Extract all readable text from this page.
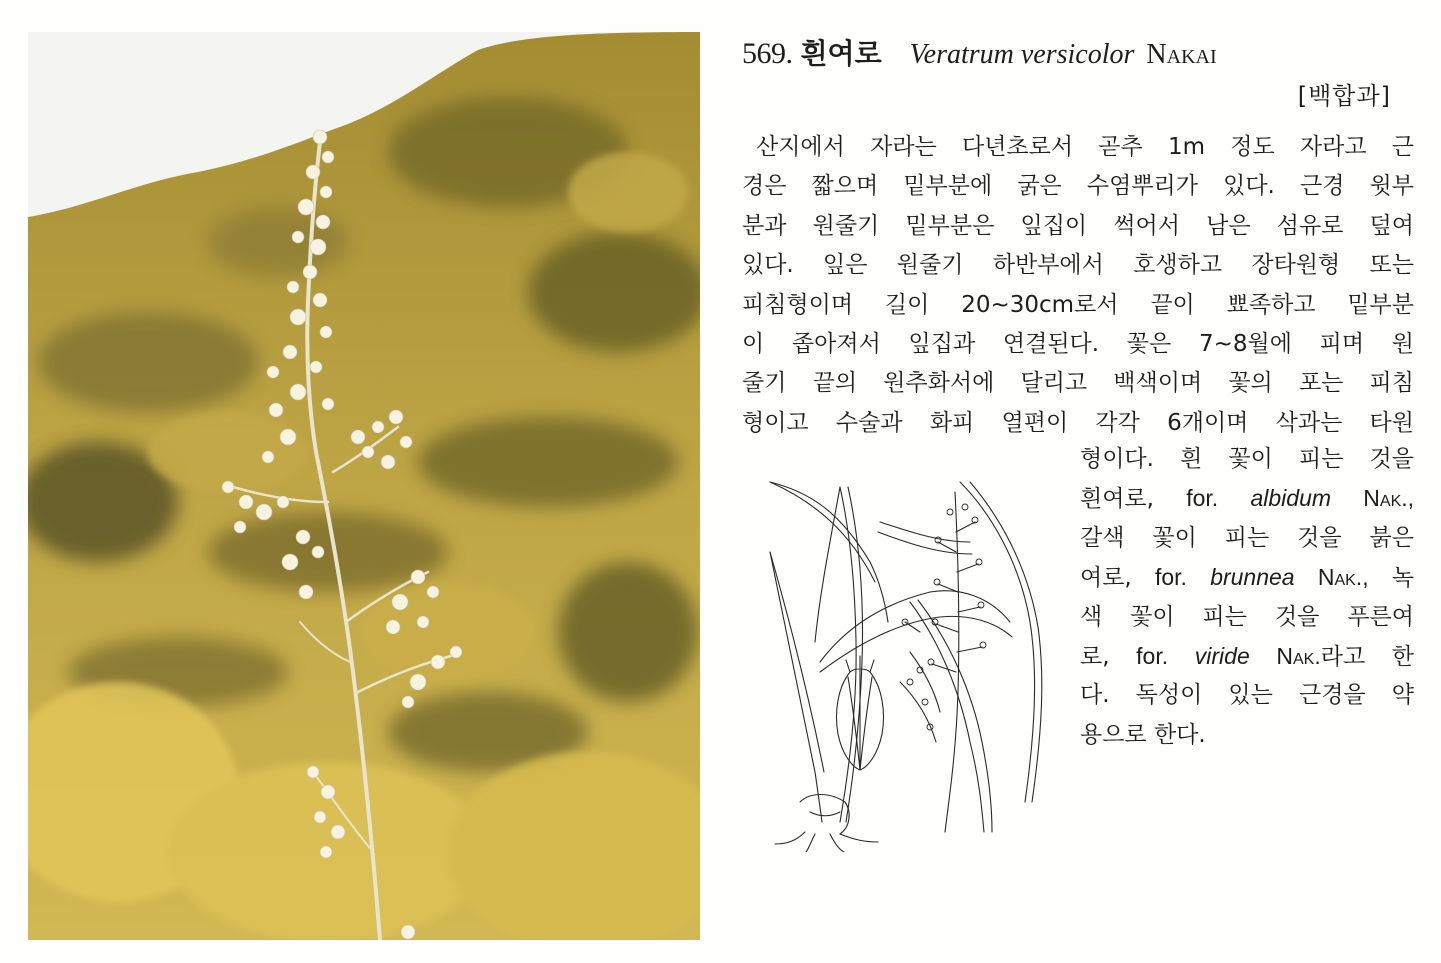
569. 흰여로 Veratrum versicolor Nakai
[백합과]
산지에서 자라는 다년초로서 곧추 1m 정도 자라고 근
경은 짧으며 밑부분에 굵은 수염뿌리가 있다. 근경 윗부
분과 원줄기 밑부분은 잎집이 썩어서 남은 섬유로 덮여
있다. 잎은 원줄기 하반부에서 호생하고 장타원형 또는
피침형이며 길이 20~30cm로서 끝이 뾰족하고 밑부분
이 좁아져서 잎집과 연결된다. 꽃은 7~8월에 피며 원
줄기 끝의 원추화서에 달리고 백색이며 꽃의 포는 피침
형이고 수술과 화피 열편이 각각 6개이며 삭과는 타원
형이다. 흰 꽃이 피는 것을
흰여로, for. albidum Nak.,
갈색 꽃이 피는 것을 붉은
여로, for. brunnea Nak., 녹
색 꽃이 피는 것을 푸른여
로, for. viride Nak.라고 한
다. 독성이 있는 근경을 약
용으로 한다.
